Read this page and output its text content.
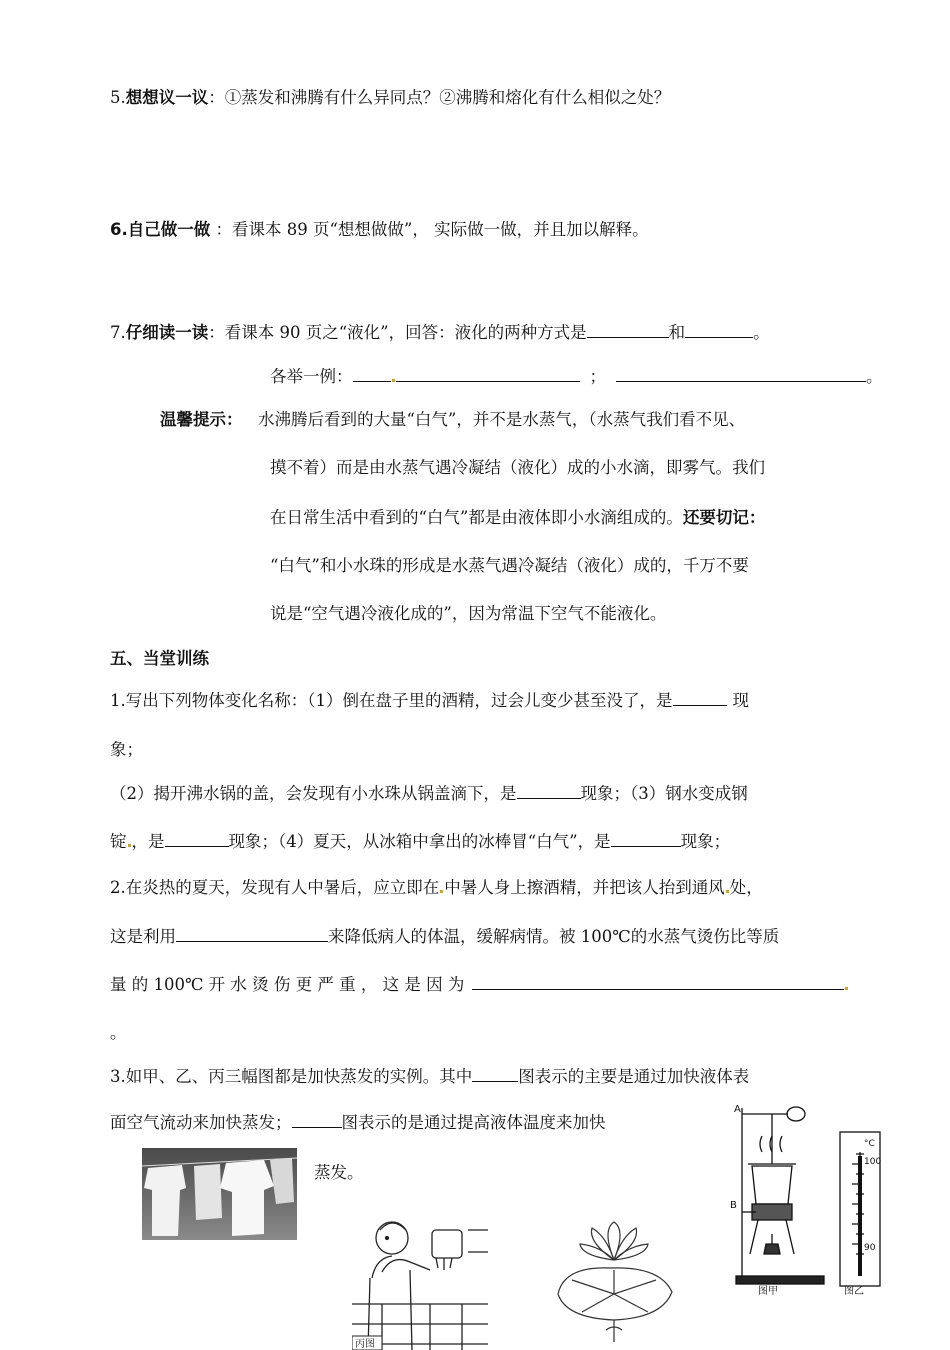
5.想想议一议：①蒸发和沸腾有什么异同点？②沸腾和熔化有什么相似之处？
6.自己做一做 ：看课本 89 页“想想做做”， 实际做一做，并且加以解释。
7.仔细读一读：看课本 90 页之“液化”，回答：液化的两种方式是	和	。
各举一例：	；	。
温馨提示： 水沸腾后看到的大量“白气”，并不是水蒸气，（水蒸气我们看不见、
摸不着）而是由水蒸气遇冷凝结（液化）成的小水滴，即雾气。我们
在日常生活中看到的“白气”都是由液体即小水滴组成的。还要切记：
“白气”和小水珠的形成是水蒸气遇冷凝结（液化）成的，千万不要
说是“空气遇冷液化成的”，因为常温下空气不能液化。
五、当堂训练
1.写出下列物体变化名称：（1）倒在盘子里的酒精，过会儿变少甚至没了，是	现
象；
（2）揭开沸水锅的盖，会发现有小水珠从锅盖滴下，是	现象；（3）钢水变成钢
锭 ，是	现象；（4）夏天，从冰箱中拿出的冰棒冒“白气”，是	现象；
2.在炎热的夏天，发现有人中暑后，应立即在 中暑人身上擦酒精，并把该人抬到通风 处，
这是利用	来降低病人的体温，缓解病情。被 100℃的水蒸气烫伤比等质
量 的 100℃ 开 水 烫 伤 更 严 重 ， 这 是 因 为
。
3.如甲、乙、丙三幅图都是加快蒸发的实例。其中	图表示的主要是通过加快液体表
面空气流动来加快蒸发；	图表示的是通过提高液体温度来加快
蒸发。
丙图
A
B
°C
100
90
图甲	图乙
